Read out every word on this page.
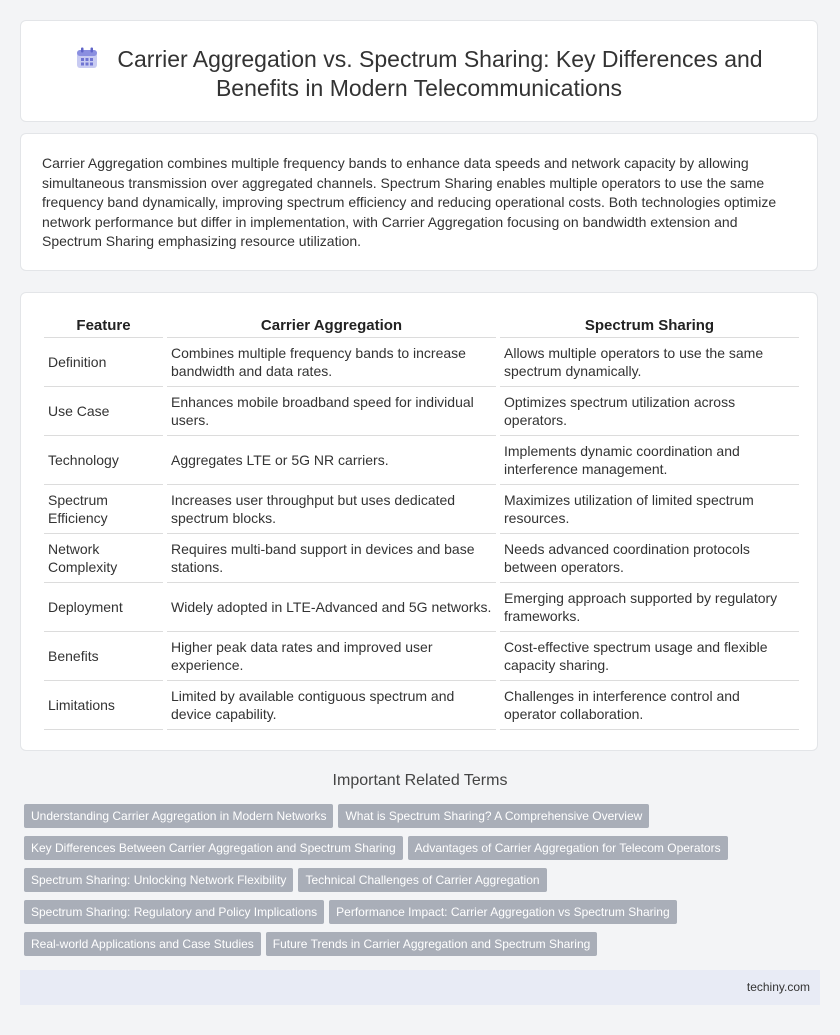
Carrier Aggregation vs. Spectrum Sharing: Key Differences and Benefits in Modern Telecommunications

Carrier Aggregation combines multiple frequency bands to enhance data speeds and network capacity by allowing simultaneous transmission over aggregated channels. Spectrum Sharing enables multiple operators to use the same frequency band dynamically, improving spectrum efficiency and reducing operational costs. Both technologies optimize network performance but differ in implementation, with Carrier Aggregation focusing on bandwidth extension and Spectrum Sharing emphasizing resource utilization.

Feature		Carrier Aggregation		Spectrum Sharing
Definition		Combines multiple frequency bands to increase bandwidth and data rates.		Allows multiple operators to use the same spectrum dynamically.
Use Case		Enhances mobile broadband speed for individual users.		Optimizes spectrum utilization across operators.
Technology		Aggregates LTE or 5G NR carriers.		Implements dynamic coordination and interference management.
Spectrum Efficiency		Increases user throughput but uses dedicated spectrum blocks.		Maximizes utilization of limited spectrum resources.
Network Complexity		Requires multi-band support in devices and base stations.		Needs advanced coordination protocols between operators.
Deployment		Widely adopted in LTE-Advanced and 5G networks.		Emerging approach supported by regulatory frameworks.
Benefits		Higher peak data rates and improved user experience.		Cost-effective spectrum usage and flexible capacity sharing.
Limitations		Limited by available contiguous spectrum and device capability.		Challenges in interference control and operator collaboration.
Important Related Terms
Understanding Carrier Aggregation in Modern Networks What is Spectrum Sharing? A Comprehensive Overview
Key Differences Between Carrier Aggregation and Spectrum Sharing Advantages of Carrier Aggregation for Telecom Operators
Spectrum Sharing: Unlocking Network Flexibility Technical Challenges of Carrier Aggregation
Spectrum Sharing: Regulatory and Policy Implications Performance Impact: Carrier Aggregation vs Spectrum Sharing
Real-world Applications and Case Studies Future Trends in Carrier Aggregation and Spectrum Sharing
techiny.com
